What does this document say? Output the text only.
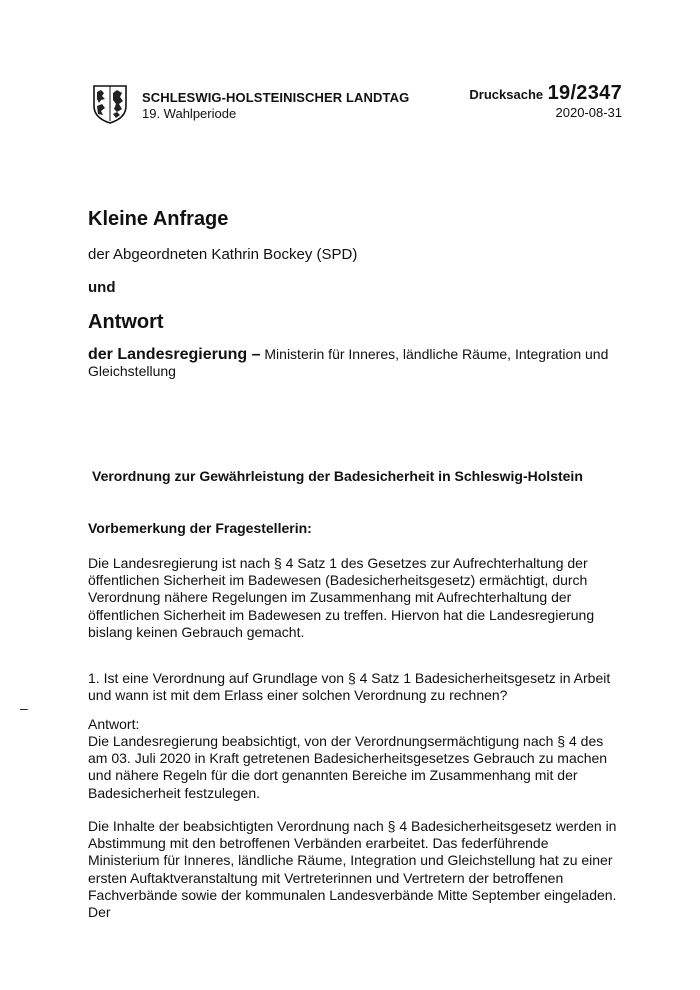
SCHLESWIG-HOLSTEINISCHER LANDTAG
19. Wahlperiode
Drucksache 19/2347
2020-08-31
Kleine Anfrage
der Abgeordneten Kathrin Bockey (SPD)
und
Antwort
der Landesregierung – Ministerin für Inneres, ländliche Räume, Integration und Gleichstellung
Verordnung zur Gewährleistung der Badesicherheit in Schleswig-Holstein
Vorbemerkung der Fragestellerin:
Die Landesregierung ist nach § 4 Satz 1 des Gesetzes zur Aufrechterhaltung der öffentlichen Sicherheit im Badewesen (Badesicherheitsgesetz) ermächtigt, durch Verordnung nähere Regelungen im Zusammenhang mit Aufrechterhaltung der öffentlichen Sicherheit im Badewesen zu treffen. Hiervon hat die Landesregierung bislang keinen Gebrauch gemacht.
1. Ist eine Verordnung auf Grundlage von § 4 Satz 1 Badesicherheitsgesetz in Arbeit und wann ist mit dem Erlass einer solchen Verordnung zu rechnen?
–
Antwort:
Die Landesregierung beabsichtigt, von der Verordnungsermächtigung nach § 4 des am 03. Juli 2020 in Kraft getretenen Badesicherheitsgesetzes Gebrauch zu machen und nähere Regeln für die dort genannten Bereiche im Zusammenhang mit der Badesicherheit festzulegen.
Die Inhalte der beabsichtigten Verordnung nach § 4 Badesicherheitsgesetz werden in Abstimmung mit den betroffenen Verbänden erarbeitet. Das federführende Ministerium für Inneres, ländliche Räume, Integration und Gleichstellung hat zu einer ersten Auftaktveranstaltung mit Vertreterinnen und Vertretern der betroffenen Fachverbände sowie der kommunalen Landesverbände Mitte September eingeladen. Der
